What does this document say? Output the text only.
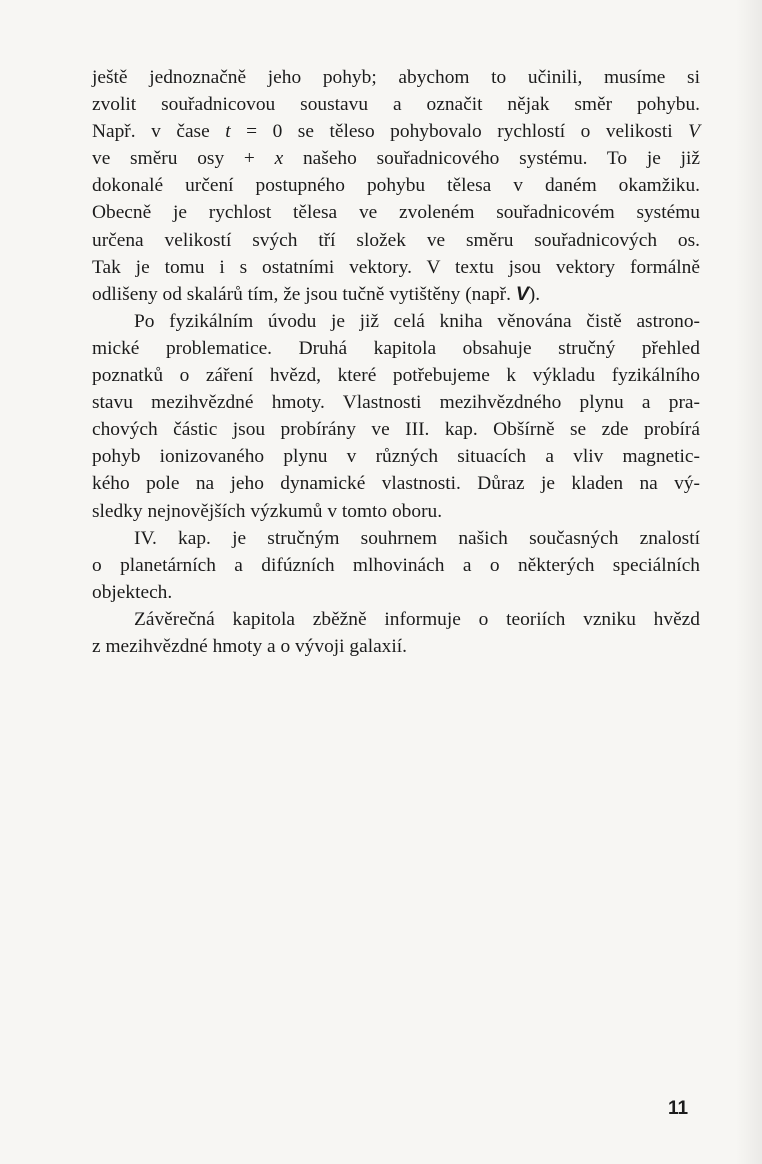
ještě jednoznačně jeho pohyb; abychom to učinili, musíme si
zvolit souřadnicovou soustavu a označit nějak směr pohybu.
Např. v čase t = 0 se těleso pohybovalo rychlostí o velikosti V
ve směru osy + x našeho souřadnicového systému. To je již
dokonalé určení postupného pohybu tělesa v daném okamžiku.
Obecně je rychlost tělesa ve zvoleném souřadnicovém systému
určena velikostí svých tří složek ve směru souřadnicových os.
Tak je tomu i s ostatními vektory. V textu jsou vektory formálně
odlišeny od skalárů tím, že jsou tučně vytištěny (např. V).
Po fyzikálním úvodu je již celá kniha věnována čistě astrono-
mické problematice. Druhá kapitola obsahuje stručný přehled
poznatků o záření hvězd, které potřebujeme k výkladu fyzikálního
stavu mezihvězdné hmoty. Vlastnosti mezihvězdného plynu a pra-
chových částic jsou probírány ve III. kap. Obšírně se zde probírá
pohyb ionizovaného plynu v různých situacích a vliv magnetic-
kého pole na jeho dynamické vlastnosti. Důraz je kladen na vý-
sledky nejnovějších výzkumů v tomto oboru.
IV. kap. je stručným souhrnem našich současných znalostí
o planetárních a difúzních mlhovinách a o některých speciálních
objektech.
Závěrečná kapitola zběžně informuje o teoriích vzniku hvězd
z mezihvězdné hmoty a o vývoji galaxií.
11
